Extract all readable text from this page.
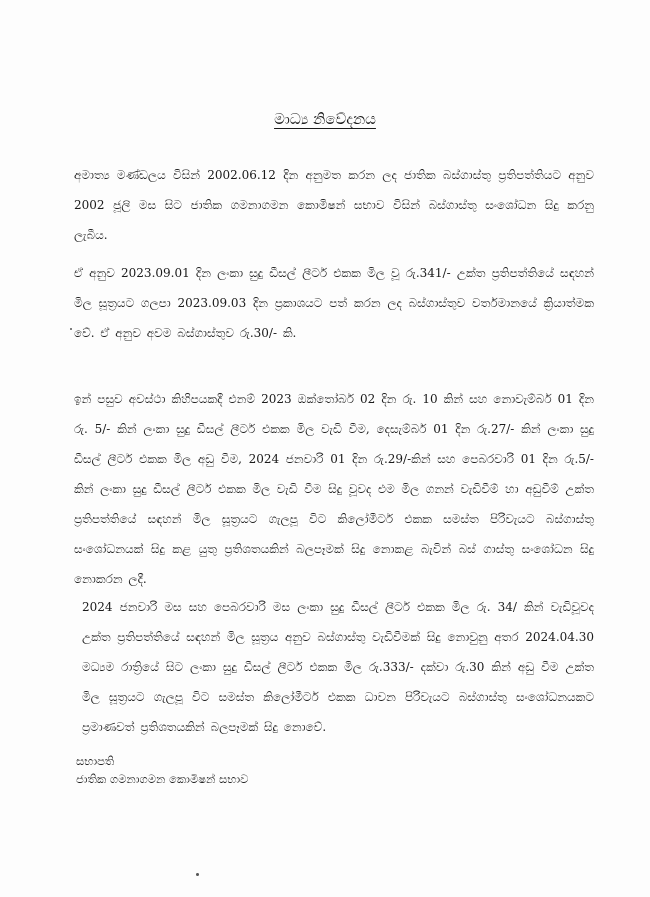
මාධ්‍ය නිවේදනය
අමාත්‍ය මණ්ඩලය විසින් 2002.06.12 දින අනුමත කරන ලද ජාතික බස්ගාස්තු ප්‍රතිපත්තියට අනුව 2002 ජූලි මස සිට ජාතික ගමනාගමන කොමිෂන් සභාව විසින් බස්ගාස්තු සංශෝධන සිදු කරනු ලැබීය.
ඒ අනුව 2023.09.01 දින ලංකා සුදු ඩීසල් ලීටර් එකක මිල වූ රු.341/- උක්ත ප්‍රතිපත්තියේ සඳහන් මිල සූත්‍රයට ගලපා 2023.09.03 දින ප්‍රකාශයට පත් කරන ලද බස්ගාස්තුව වර්තමානයේ ක්‍රියාත්මක වේ. ඒ අනුව අවම බස්ගාස්තුව රු.30/- කි.
ඉන් පසුව අවස්ථා කිහිපයකදී එනම් 2023 ඔක්තෝබර් 02 දින රු. 10 කින් සහ නොවැම්බර් 01 දින රු. 5/- කින් ලංකා සුදු ඩීසල් ලීටර් එකක මිල වැඩි වීම, දෙසැම්බර් 01 දින රු.27/- කින් ලංකා සුදු ඩීසල් ලීටර් එකක මිල අඩු වීම, 2024 ජනවාරි 01 දින රු.29/-කින් සහ පෙබරවාරි 01 දින රු.5/- කින් ලංකා සුදු ඩීසල් ලීටර් එකක මිල වැඩි වීම සිදු වූවද එම මිල ගනන් වැඩිවීම් හා අඩුවීම් උක්ත ප්‍රතිපත්තියේ සඳහන් මිල සූත්‍රයට ගැලපූ විට කිලෝමීටර් එකක සමස්ත පිරිවැයට බස්ගාස්තු සංශෝධනයක් සිදු කළ යුතු ප්‍රතිශතයකින් බලපෑමක් සිදු නොකළ බැවින් බස් ගාස්තු සංශෝධන සිදු නොකරන ලදී.
2024 ජනවාරි මස සහ පෙබරවාරි මස ලංකා සුදු ඩීසල් ලීටර් එකක මිල රු. 34/ කින් වැඩිවූවද උක්ත ප්‍රතිපත්තියේ සඳහන් මිල සූත්‍රය අනුව බස්ගාස්තු වැඩිවීමක් සිදු නොවුනු අතර 2024.04.30 මධ්‍යම රාත්‍රියේ සිට ලංකා සුදු ඩීසල් ලීටර් එකක මිල රු.333/- දක්වා රු.30 කින් අඩු වීම උක්ත මිල සූත්‍රයට ගැලපූ විට සමස්ත කිලෝමීටර් එකක ධාවන පිරිවැයට බස්ගාස්තු සංශෝධනයකට ප්‍රමාණවත් ප්‍රතිශතයකින් බලපෑමක් සිදු නොවේ.
සභාපති
ජාතික ගමනාගමන කොමිෂන් සභාව
